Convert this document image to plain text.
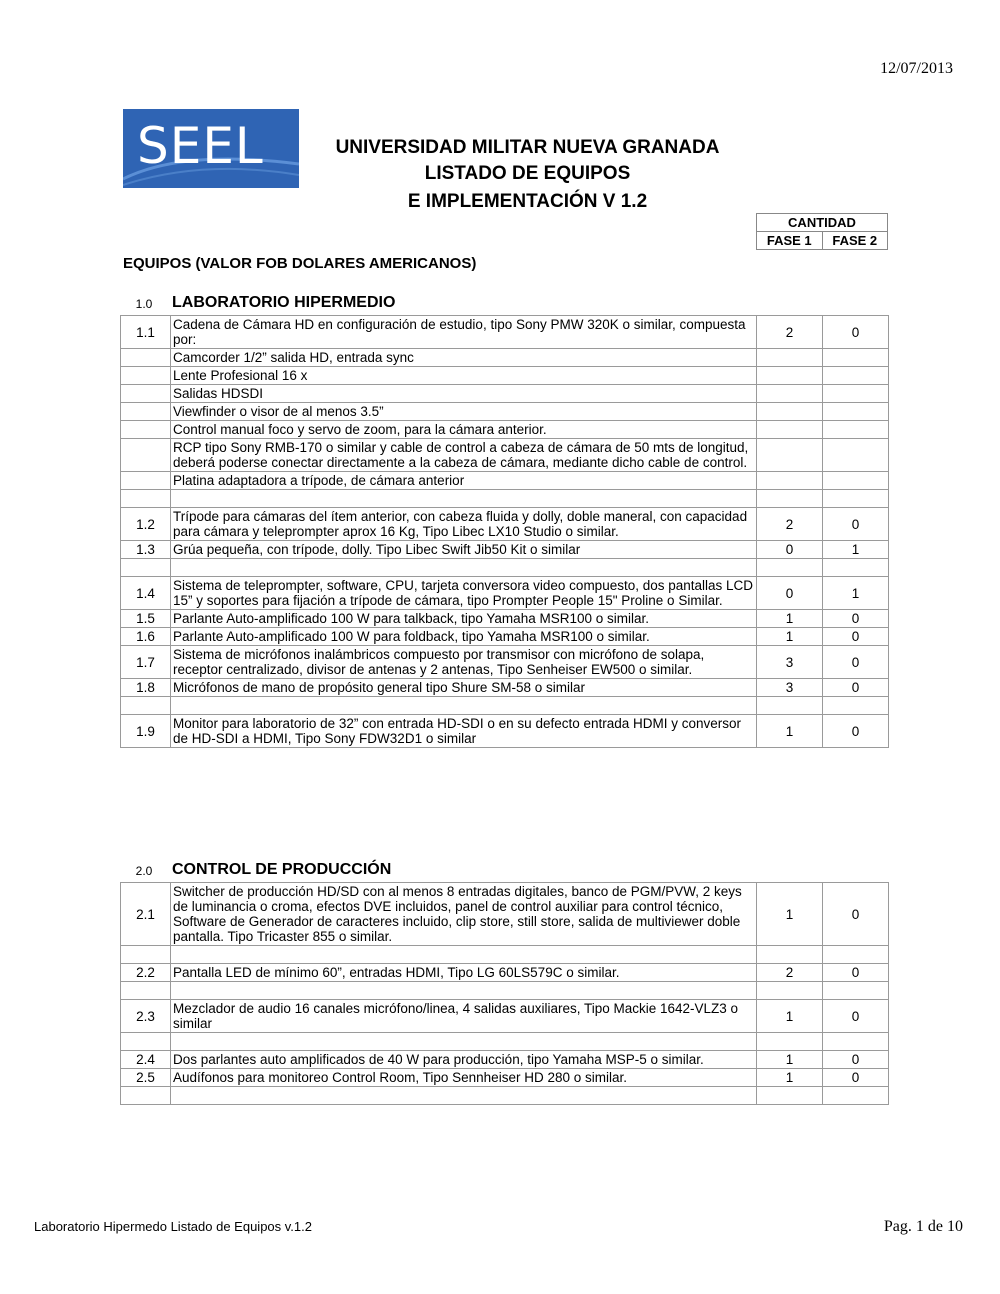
12/07/2013
SEEL	UNIVERSIDAD MILITAR NUEVA GRANADA
LISTADO DE EQUIPOS
E IMPLEMENTACIÓN V 1.2
CANTIDAD
FASE 1	FASE 2
EQUIPOS (VALOR FOB DOLARES AMERICANOS)
1.0	LABORATORIO HIPERMEDIO
1.1	Cadena de Cámara HD en configuración de estudio, tipo Sony PMW 320K o similar, compuesta por:	2	0
	Camcorder 1/2” salida HD, entrada sync		
	Lente Profesional 16 x		
	Salidas HDSDI		
	Viewfinder o visor de al menos 3.5”		
	Control manual foco y servo de zoom, para la cámara anterior.		
	RCP tipo Sony RMB-170 o similar y cable de control a cabeza de cámara de 50 mts de longitud, deberá poderse conectar directamente a la cabeza de cámara, mediante dicho cable de control.		
	Platina adaptadora a trípode, de cámara anterior		

1.2	Trípode para cámaras del ítem anterior, con cabeza fluida y dolly, doble maneral, con capacidad para cámara y teleprompter aprox 16 Kg, Tipo Libec LX10 Studio o similar.	2	0
1.3	Grúa pequeña, con trípode, dolly. Tipo Libec Swift Jib50 Kit o similar	0	1

1.4	Sistema de teleprompter, software, CPU, tarjeta conversora video compuesto, dos pantallas LCD 15” y soportes para fijación a trípode de cámara, tipo Prompter People 15" Proline o Similar.	0	1
1.5	Parlante Auto-amplificado 100 W para talkback, tipo Yamaha MSR100 o similar.	1	0
1.6	Parlante Auto-amplificado 100 W para foldback, tipo Yamaha MSR100 o similar.	1	0
1.7	Sistema de micrófonos inalámbricos compuesto por transmisor con micrófono de solapa, receptor centralizado, divisor de antenas y 2 antenas, Tipo Senheiser EW500 o similar.	3	0
1.8	Micrófonos de mano de propósito general tipo Shure SM-58 o similar	3	0

1.9	Monitor para laboratorio de 32” con entrada HD-SDI o en su defecto entrada HDMI y conversor de HD-SDI a HDMI, Tipo Sony FDW32D1 o similar	1	0
2.0	CONTROL DE PRODUCCIÓN
2.1	Switcher de producción HD/SD con al menos 8 entradas digitales, banco de PGM/PVW, 2 keys de luminancia o croma, efectos DVE incluidos, panel de control auxiliar para control técnico, Software de Generador de caracteres incluido, clip store, still store, salida de multiviewer doble pantalla. Tipo Tricaster 855 o similar.	1	0

2.2	Pantalla LED de mínimo 60”, entradas HDMI, Tipo LG 60LS579C o similar.	2	0

2.3	Mezclador de audio 16 canales micrófono/linea, 4 salidas auxiliares, Tipo Mackie 1642-VLZ3 o similar	1	0

2.4	Dos parlantes auto amplificados de 40 W para producción, tipo Yamaha MSP-5 o similar.	1	0
2.5	Audífonos para monitoreo Control Room, Tipo Sennheiser HD 280 o similar.	1	0

Laboratorio Hipermedo Listado de Equipos v.1.2	Pag. 1 de 10
